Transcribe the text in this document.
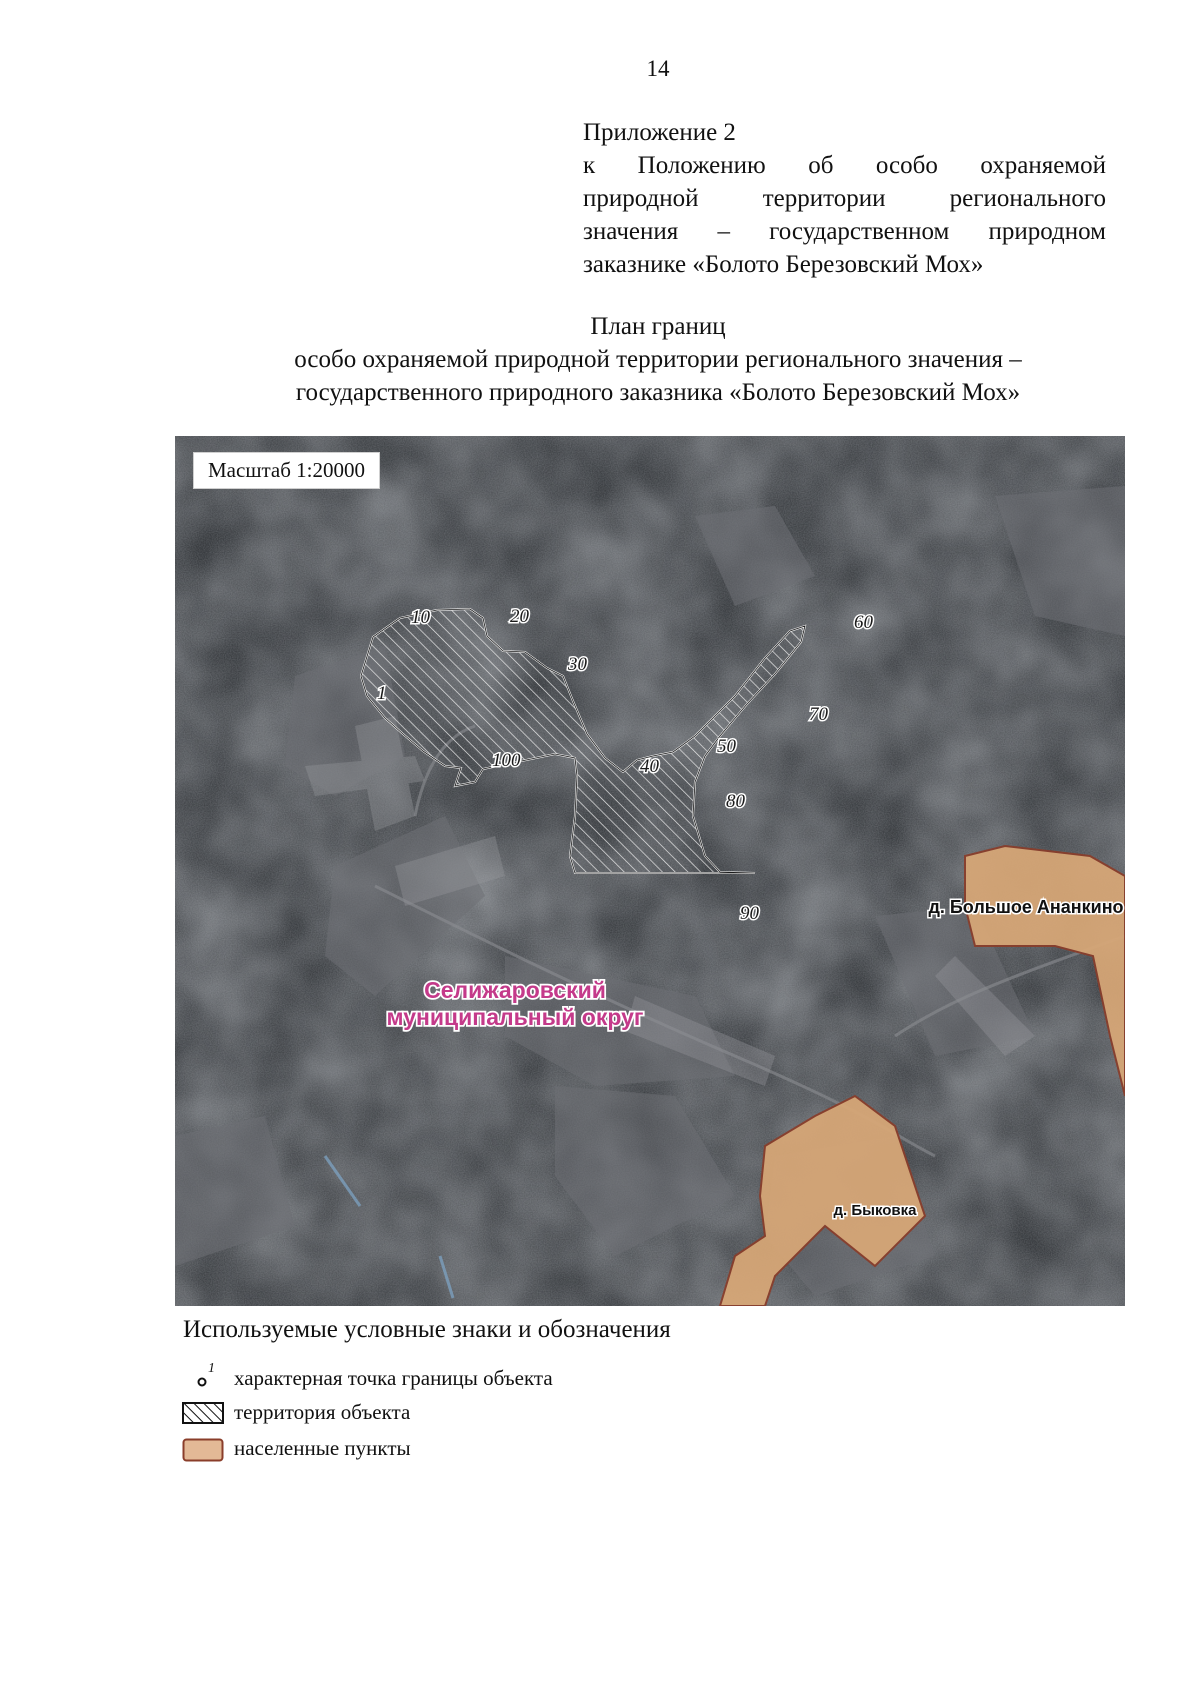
14
Приложение 2
к Положению об особо охраняемой
природной территории регионального
значения – государственном природном
заказнике «Болото Березовский Мох»
План границ
особо охраняемой природной территории регионального значения –
государственного природного заказника «Болото Березовский Мох»
1
10	20
30
40
50
60
70
80
90
100
Селижаровский
муниципальный округ
д. Большое Ананкино
д. Быковка
Масштаб 1:20000
Используемые условные знаки и обозначения
1 характерная точка границы объекта
территория объекта
населенные пункты
